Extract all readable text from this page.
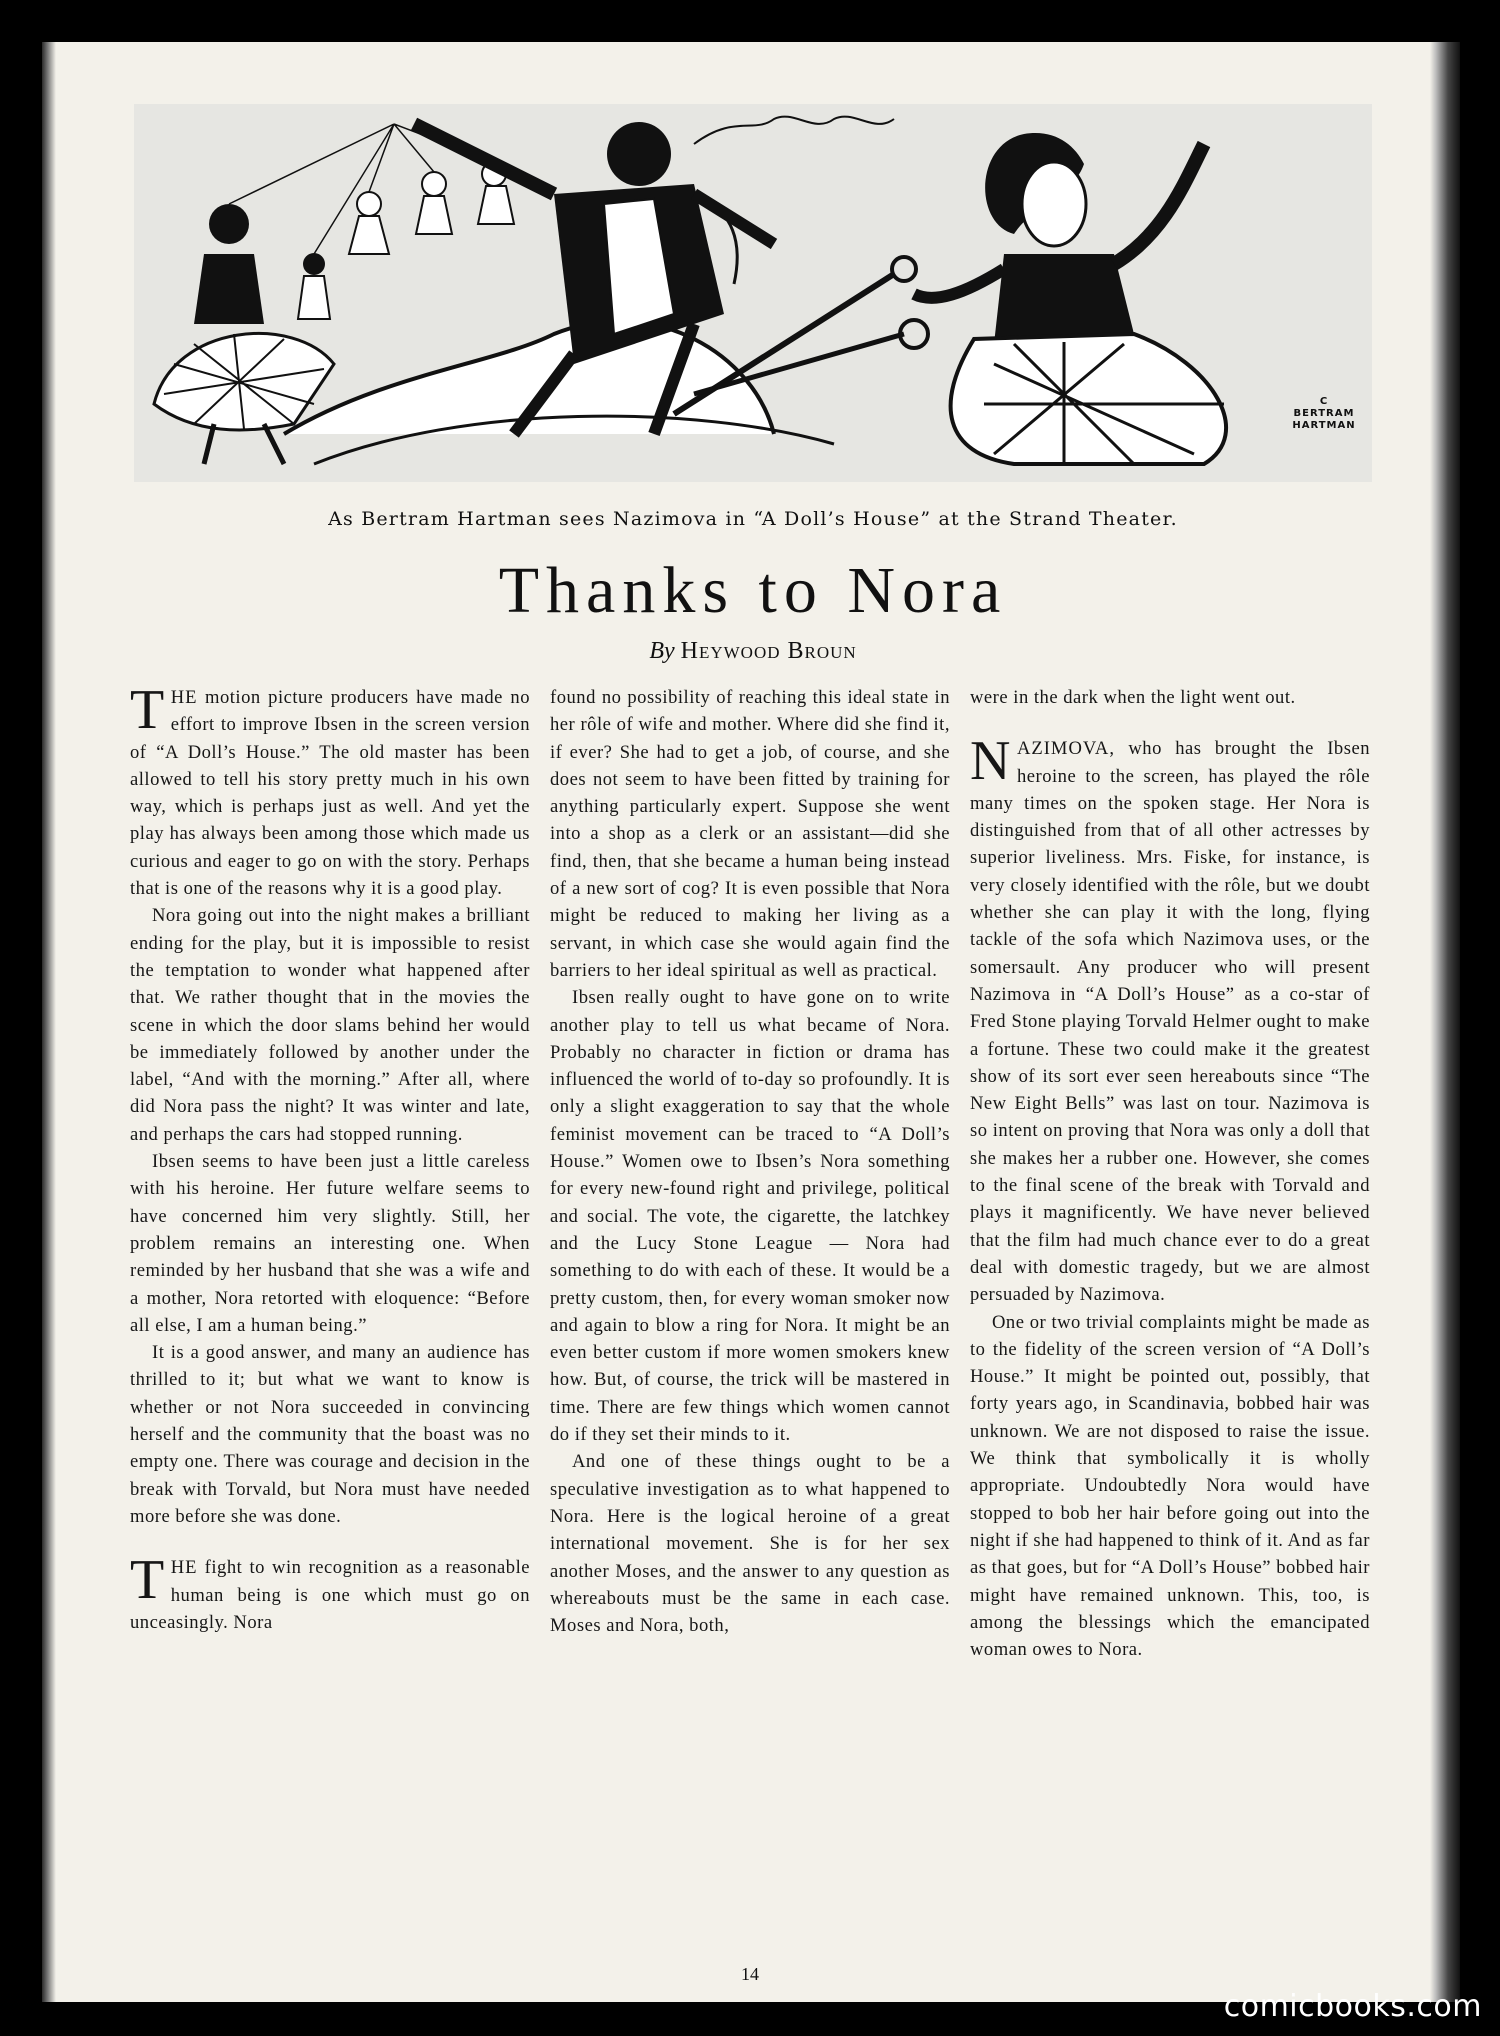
C
BERTRAM
HARTMAN
As Bertram Hartman sees Nazimova in “A Doll’s House” at the Strand Theater.
Thanks to Nora
By Heywood Broun

THE motion picture producers have made no effort to improve Ibsen in the screen version of “A Doll’s House.” The old master has been allowed to tell his story pretty much in his own way, which is perhaps just as well. And yet the play has always been among those which made us curious and eager to go on with the story. Perhaps that is one of the reasons why it is a good play.

Nora going out into the night makes a brilliant ending for the play, but it is impossible to resist the temptation to wonder what happened after that. We rather thought that in the movies the scene in which the door slams behind her would be immediately followed by another under the label, “And with the morning.” After all, where did Nora pass the night? It was winter and late, and perhaps the cars had stopped running.

Ibsen seems to have been just a little careless with his heroine. Her future welfare seems to have concerned him very slightly. Still, her problem remains an interesting one. When reminded by her husband that she was a wife and a mother, Nora retorted with eloquence: “Before all else, I am a human being.”

It is a good answer, and many an audience has thrilled to it; but what we want to know is whether or not Nora succeeded in convincing herself and the community that the boast was no empty one. There was courage and decision in the break with Torvald, but Nora must have needed more before she was done.

THE fight to win recognition as a reasonable human being is one which must go on unceasingly. Nora

found no possibility of reaching this ideal state in her rôle of wife and mother. Where did she find it, if ever? She had to get a job, of course, and she does not seem to have been fitted by training for anything particularly expert. Suppose she went into a shop as a clerk or an assistant—did she find, then, that she became a human being instead of a new sort of cog? It is even possible that Nora might be reduced to making her living as a servant, in which case she would again find the barriers to her ideal spiritual as well as practical.

Ibsen really ought to have gone on to write another play to tell us what became of Nora. Probably no character in fiction or drama has influenced the world of to-day so profoundly. It is only a slight exaggeration to say that the whole feminist movement can be traced to “A Doll’s House.” Women owe to Ibsen’s Nora something for every new-found right and privilege, political and social. The vote, the cigarette, the latchkey and the Lucy Stone League — Nora had something to do with each of these. It would be a pretty custom, then, for every woman smoker now and again to blow a ring for Nora. It might be an even better custom if more women smokers knew how. But, of course, the trick will be mastered in time. There are few things which women cannot do if they set their minds to it.

And one of these things ought to be a speculative investigation as to what happened to Nora. Here is the logical heroine of a great international movement. She is for her sex another Moses, and the answer to any question as whereabouts must be the same in each case. Moses and Nora, both,

were in the dark when the light went out.

NAZIMOVA, who has brought the Ibsen heroine to the screen, has played the rôle many times on the spoken stage. Her Nora is distinguished from that of all other actresses by superior liveliness. Mrs. Fiske, for instance, is very closely identified with the rôle, but we doubt whether she can play it with the long, flying tackle of the sofa which Nazimova uses, or the somersault. Any producer who will present Nazimova in “A Doll’s House” as a co-star of Fred Stone playing Torvald Helmer ought to make a fortune. These two could make it the greatest show of its sort ever seen hereabouts since “The New Eight Bells” was last on tour. Nazimova is so intent on proving that Nora was only a doll that she makes her a rubber one. However, she comes to the final scene of the break with Torvald and plays it magnificently. We have never believed that the film had much chance ever to do a great deal with domestic tragedy, but we are almost persuaded by Nazimova.

One or two trivial complaints might be made as to the fidelity of the screen version of “A Doll’s House.” It might be pointed out, possibly, that forty years ago, in Scandinavia, bobbed hair was unknown. We are not disposed to raise the issue. We think that symbolically it is wholly appropriate. Undoubtedly Nora would have stopped to bob her hair before going out into the night if she had happened to think of it. And as far as that goes, but for “A Doll’s House” bobbed hair might have remained unknown. This, too, is among the blessings which the emancipated woman owes to Nora.

14
comicbooks.com
